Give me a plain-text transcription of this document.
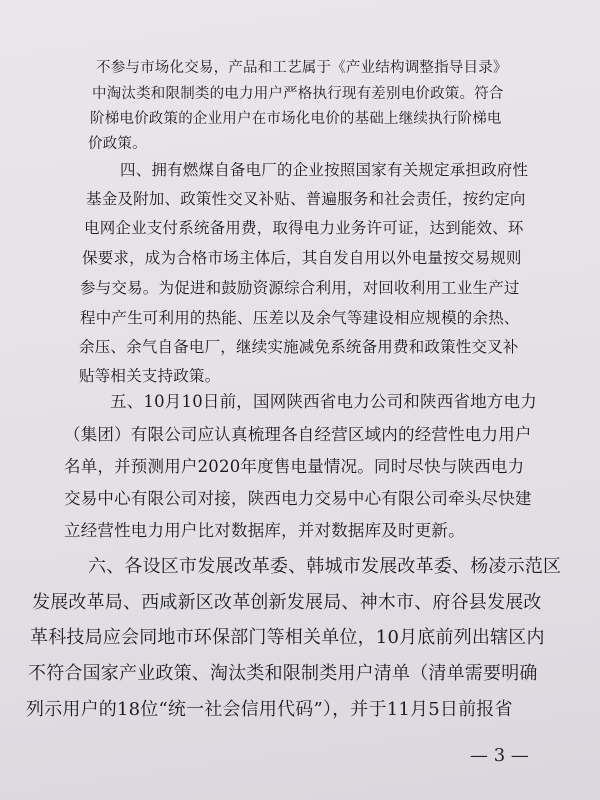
不参与市场化交易，产品和工艺属于《产业结构调整指导目录》
中淘汰类和限制类的电力用户严格执行现有差别电价政策。符合
阶梯电价政策的企业用户在市场化电价的基础上继续执行阶梯电
价政策。
四、拥有燃煤自备电厂的企业按照国家有关规定承担政府性
基金及附加、政策性交叉补贴、普遍服务和社会责任，按约定向
电网企业支付系统备用费，取得电力业务许可证，达到能效、环
保要求，成为合格市场主体后，其自发自用以外电量按交易规则
参与交易。为促进和鼓励资源综合利用，对回收利用工业生产过
程中产生可利用的热能、压差以及余气等建设相应规模的余热、
余压、余气自备电厂，继续实施减免系统备用费和政策性交叉补
贴等相关支持政策。
五、10月10日前，国网陕西省电力公司和陕西省地方电力
（集团）有限公司应认真梳理各自经营区域内的经营性电力用户
名单，并预测用户2020年度售电量情况。同时尽快与陕西电力
交易中心有限公司对接，陕西电力交易中心有限公司牵头尽快建
立经营性电力用户比对数据库，并对数据库及时更新。
六、各设区市发展改革委、韩城市发展改革委、杨凌示范区
发展改革局、西咸新区改革创新发展局、神木市、府谷县发展改
革科技局应会同地市环保部门等相关单位，10月底前列出辖区内
不符合国家产业政策、淘汰类和限制类用户清单（清单需要明确
列示用户的18位“统一社会信用代码”），并于11月5日前报省
— 3 —
